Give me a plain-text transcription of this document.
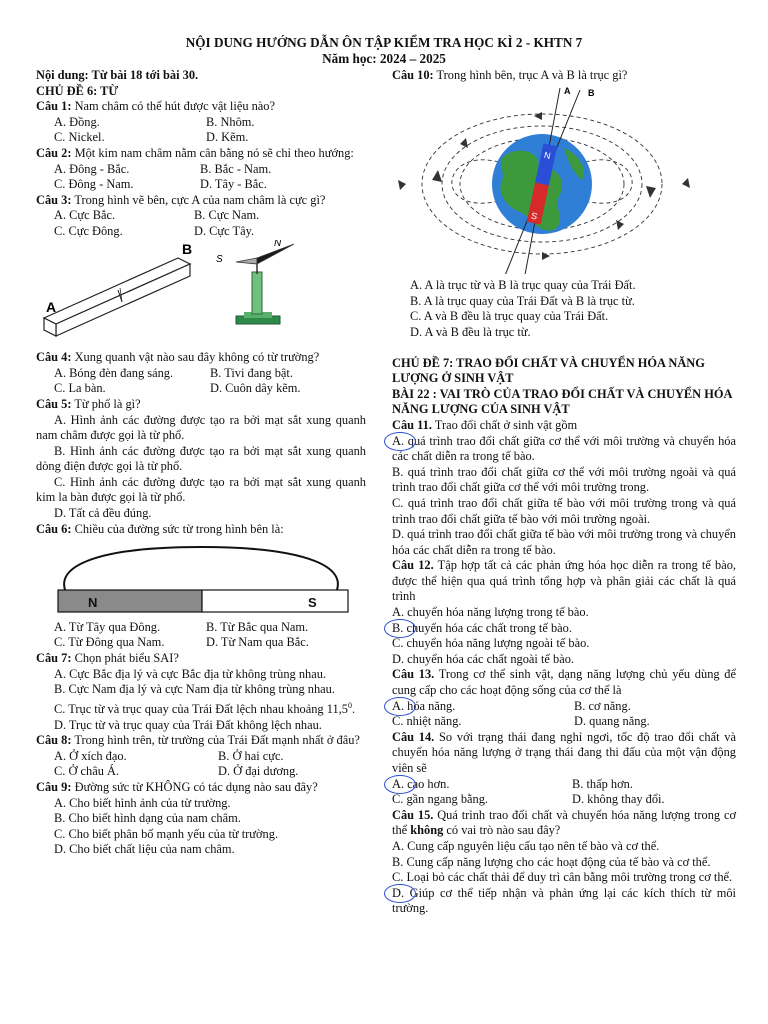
NỘI DUNG HƯỚNG DẪN ÔN TẬP KIỂM TRA HỌC KÌ 2 - KHTN 7
Năm học: 2024 – 2025

Nội dung: Từ bài 18 tới bài 30.

CHỦ ĐỀ 6: TỪ

Câu 1: Nam châm có thể hút được vật liệu nào?

A. Đồng.	B. Nhôm.
C. Nickel.	D. Kẽm.

Câu 2: Một kim nam châm nằm cân bằng nó sẽ chỉ theo hướng:

A. Đông - Bắc.	B. Bắc - Nam.
C. Đông - Nam.	D. Tây - Bắc.

Câu 3: Trong hình vẽ bên, cực A của nam châm là cực gì?

A. Cực Bắc.	B. Cực Nam.
C. Cực Đông.	D. Cực Tây.
A
B
S
N

Câu 4: Xung quanh vật nào sau đây không có từ trường?

A. Bóng đèn đang sáng.	B. Tivi đang bật.
C. La bàn.	D. Cuôn dây kẽm.

Câu 5: Từ phổ là gì?

A. Hình ảnh các đường được tạo ra bởi mạt sắt xung quanh nam châm được gọi là từ phổ.

B. Hình ảnh các đường được tạo ra bởi mạt sắt xung quanh dòng điện được gọi là từ phổ.

C. Hình ảnh các đường được tạo ra bởi mạt sắt xung quanh kim la bàn được gọi là từ phổ.

D. Tất cả đều đúng.

Câu 6: Chiều của đường sức từ trong hình bên là:

N	S
A. Từ Tây qua Đông.	B. Từ Bắc qua Nam.
C. Từ Đông qua Nam.	D. Từ Nam qua Bắc.

Câu 7: Chọn phát biểu SAI?

A. Cực Bắc địa lý và cực Bắc địa từ không trùng nhau.

B. Cực Nam địa lý và cực Nam địa từ không trùng nhau.

C. Trục từ và trục quay của Trái Đất lệch nhau khoảng 11,5$^0$.

D. Trục từ và trục quay của Trái Đất không lệch nhau.

Câu 8: Trong hình trên, từ trường của Trái Đất mạnh nhất ở đâu?

A. Ở xích đạo.	B. Ở hai cực.
C. Ở châu Á.	D. Ở đại dương.

Câu 9: Đường sức từ KHÔNG có tác dụng nào sau đây?

A. Cho biết hình ảnh của từ trường.

B. Cho biết hình dạng của nam châm.

C. Cho biết phân bố mạnh yếu của từ trường.

D. Cho biết chất liệu của nam châm.

Câu 10: Trong hình bên, trục A và B là trục gì?

N
S
A B

A. A là trục từ và B là trục quay của Trái Đất.

B. A là trục quay của Trái Đất và B là trục từ.

C. A và B đều là trục quay của Trái Đất.

D. A và B đều là trục từ.

CHỦ ĐỀ 7: TRAO ĐỔI CHẤT VÀ CHUYỂN HÓA NĂNG LƯỢNG Ở SINH VẬT

BÀI 22 : VAI TRÒ CỦA TRAO ĐỔI CHẤT VÀ CHUYỂN HÓA NĂNG LƯỢNG CỦA SINH VẬT

Câu 11. Trao đổi chất ở sinh vật gồm

A. quá trình trao đổi chất giữa cơ thể với môi trường và chuyển hóa các chất diễn ra trong tế bào.

B. quá trình trao đổi chất giữa cơ thể với môi trường ngoài và quá trình trao đổi chất giữa cơ thể với môi trường trong.

C. quá trình trao đổi chất giữa tế bào với môi trường trong và quá trình trao đổi chất giữa tế bào với môi trường ngoài.

D. quá trình trao đổi chất giữa tế bào với môi trường trong và chuyển hóa các chất diễn ra trong tế bào.

Câu 12. Tập hợp tất cả các phản ứng hóa học diễn ra trong tế bào, được thể hiện qua quá trình tổng hợp và phân giải các chất là quá trình

A. chuyển hóa năng lượng trong tế bào.

B. chuyển hóa các chất trong tế bào.

C. chuyển hóa năng lượng ngoài tế bào.

D. chuyển hóa các chất ngoài tế bào.

Câu 13. Trong cơ thể sinh vật, dạng năng lượng chủ yếu dùng để cung cấp cho các hoạt động sống của cơ thể là

A. hóa năng.	B. cơ năng.
C. nhiệt năng.	D. quang năng.

Câu 14. So với trạng thái đang nghỉ ngơi, tốc độ trao đổi chất và chuyển hóa năng lượng ở trạng thái đang thi đấu của một vận động viên sẽ

A. cao hơn.	B. thấp hơn.
C. gần ngang bằng.	D. không thay đổi.

Câu 15. Quá trình trao đổi chất và chuyển hóa năng lượng trong cơ thể không có vai trò nào sau đây?

A. Cung cấp nguyên liệu cấu tạo nên tế bào và cơ thể.

B. Cung cấp năng lượng cho các hoạt động của tế bào và cơ thể.

C. Loại bỏ các chất thải để duy trì cân bằng môi trường trong cơ thể.

D. Giúp cơ thể tiếp nhận và phản ứng lại các kích thích từ môi trường.
